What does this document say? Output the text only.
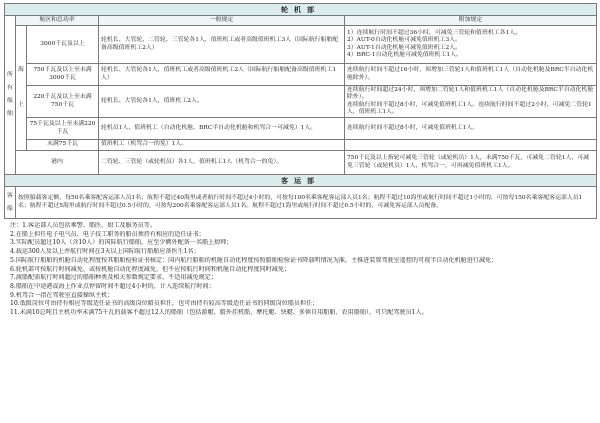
轮机部				

所有船舶	航区和总功率		一般规定	附加规定

	海

上	3000千瓦及以上	轮机长、大管轮、二管轮、三管轮各1人，值班机工或者高级值班机工3人（国际航行船舶配备高级值班机工2人）	1）连续航行时间不超过36小时，可减免三管轮和值班机工各1人。
2）AUT-0自动化机舱可减免值班机工3人。
3）AUT-1自动化机舱可减免值班机工2人。
4）BRC-1自动化机舱可减免值班机工1人。
		750千瓦及以上至未满3000千瓦	轮机长、大管轮各1人，值班机工或者高级值班机工2人（国际航行船舶配备高级值班机工1人）	连续航行时间不超过16小时，须增加三管轮1人和值班机工1人（自动化机舱及BRC半自动化机舱除外）。
		220千瓦及以上至未满750千瓦	轮机长、大管轮各1人，值班机工2人。	连续航行时间超过24小时，须增加二管轮1人和值班机工1人（自动化机舱及BRC半自动化机舱除外）。
连续航行时间不超过8小时，可减免值班机工1人。连续航行时间不超过2小时，可减免二管轮1人，值班机工1人。
		75千瓦及以上至未满220千瓦	轮机员1人，值班机工（自动化机舱、BRC半自动化机舱和机驾合一可减免）1人。	连续航行时间不超过8小时，可减免值班机工1人。
		未满75千瓦	值班机工（机驾合一的免）1人。	
	港内		二管轮、三管轮（或轮机员）各1人，值班机工1人（机驾合一的免）。	750千瓦及以上指轮可减免三管轮（或轮机员）1人，未满750千瓦，可减免二管轮1人，可减免三管轮（或轮机员）1人，机驾合一，可再减免值班机工1人。
客运部				

客船	按照船载客定额，每50名乘客配客运部人员1名；航程不超过40海里或者航行时间不超过4小时的，可按每100名乘客配客运部人员1名；航程不超过10海里或航行时间不超过1小时的，可按每150名乘客配客运部人员1名；航程不超过5海里或航行时间不超过0.5小时的，可按每200名乘客配客运部人员1名。航程不超过1海里或航行时间不超过0.5小时的，可减免客运部人员配备。			
注：1.客运部人员包括乘警、船医、厨工及服务员等。
2.在船上担任电子电气员、电子技工职务的船员须持有相应的适任证书；
3.实际配员超过10人（含10人）的国际航行船舶，应至少额外配备一名船上厨师；
4.载运300人及以上并航行时间在3天以上国际航行船舶应备医生1名；
5.国际航行船舶的机舱自动化程度按其船舶检验证书核定：国内航行船舶的机舱自动化程度按照船舶检验证书降载明情况为准，主推进装置驾驶室遥控的可视半自动化机舱进行减免；
6.轮机部可按航行时间减免、或按机舱自动化程度减免，但不应按航行时间和机舱自动化程度同时减免；
7.渡船配需航行时间超过的船舶种类及相关参数规定要求，不适用减免规定；
8.船舶在中途港或海上作业点停留时间不超过4小时的，计入连续航行时间；
9.机驾合一指在驾驶室直接操纵主机；
10.低级岗位可由持有相应等级适任证书的高级岗位船员担任，也可由持有较高等级适任证书的同级岗位船员担任；
11.未满10总吨且主机功率未满75千瓦的载客不超过12人的船舶（包括游艇、船外挂机船、摩托艇、快艇、多镇自用船舶、农用船舶），可只配驾驶员1人。
